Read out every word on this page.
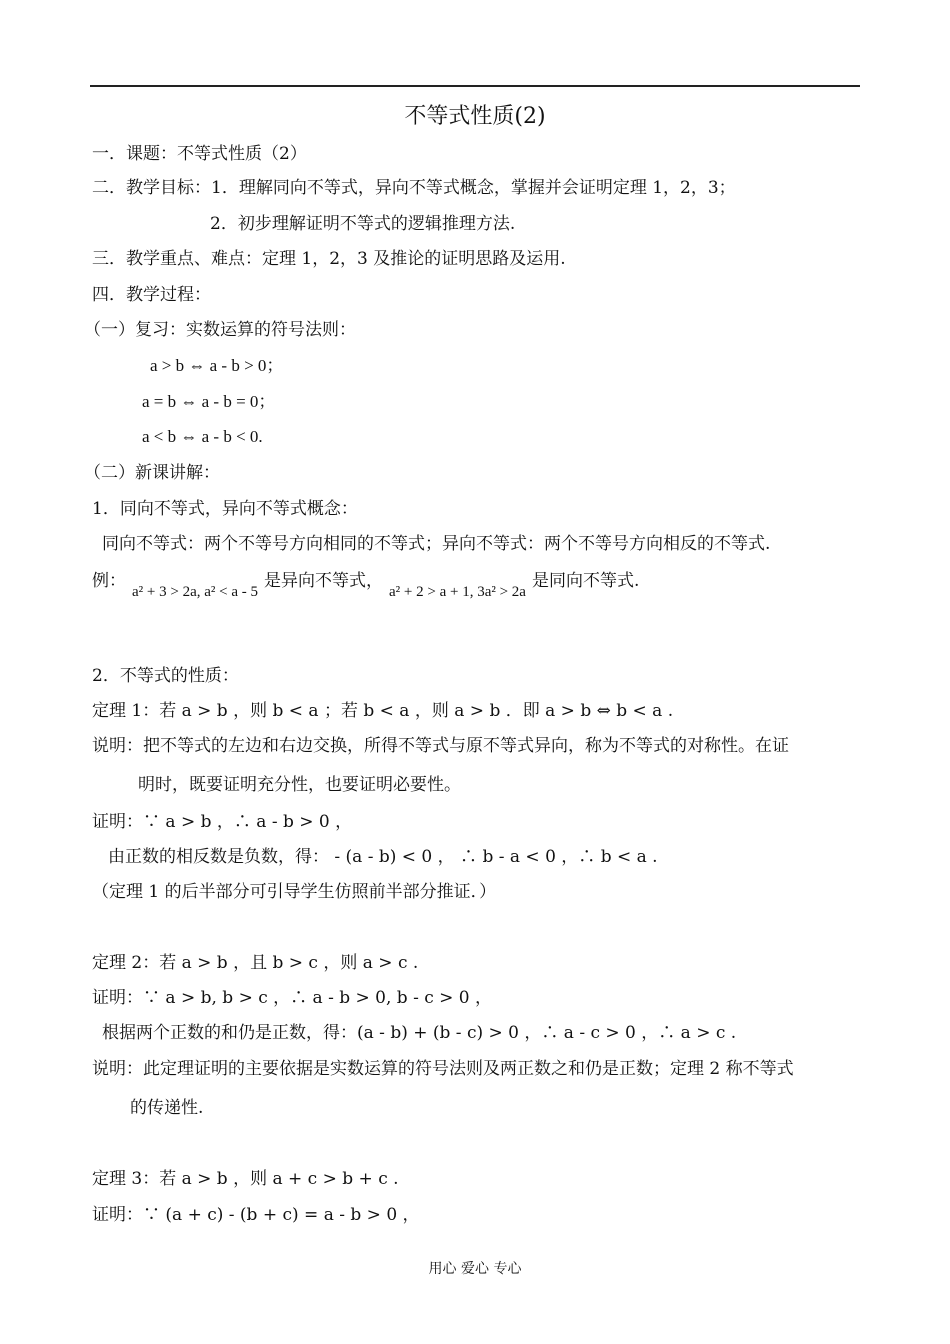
不等式性质(2)
一．课题：不等式性质（2）
二．教学目标：1．理解同向不等式，异向不等式概念，掌握并会证明定理 1，2，3；
2．初步理解证明不等式的逻辑推理方法.
三．教学重点、难点：定理 1，2，3 及推论的证明思路及运用.
四．教学过程：
（一）复习：实数运算的符号法则：
a > b ⇔ a - b > 0；
a = b ⇔ a - b = 0；
a < b ⇔ a - b < 0.
（二）新课讲解：
1．同向不等式，异向不等式概念：
同向不等式：两个不等号方向相同的不等式；异向不等式：两个不等号方向相反的不等式.
例：a² + 3 > 2a, a² < a - 5是异向不等式，a² + 2 > a + 1, 3a² > 2a是同向不等式.
2．不等式的性质：
定理 1：若 a > b ，则 b < a ；若 b < a ，则 a > b ．即 a > b ⇔ b < a .
说明：把不等式的左边和右边交换，所得不等式与原不等式异向，称为不等式的对称性。在证
明时，既要证明充分性，也要证明必要性。
证明：∵ a > b ，∴ a - b > 0 ，
由正数的相反数是负数，得： - (a - b) < 0 ， ∴ b - a < 0 ，∴ b < a .
（定理 1 的后半部分可引导学生仿照前半部分推证．）
定理 2：若 a > b ，且 b > c ，则 a > c .
证明：∵ a > b, b > c ，∴ a - b > 0, b - c > 0 ，
根据两个正数的和仍是正数，得：(a - b) + (b - c) > 0 ，∴ a - c > 0 ，∴ a > c .
说明：此定理证明的主要依据是实数运算的符号法则及两正数之和仍是正数；定理 2 称不等式
的传递性.
定理 3：若 a > b ，则 a + c > b + c .
证明：∵ (a + c) - (b + c) = a - b > 0 ，
用心 爱心 专心
